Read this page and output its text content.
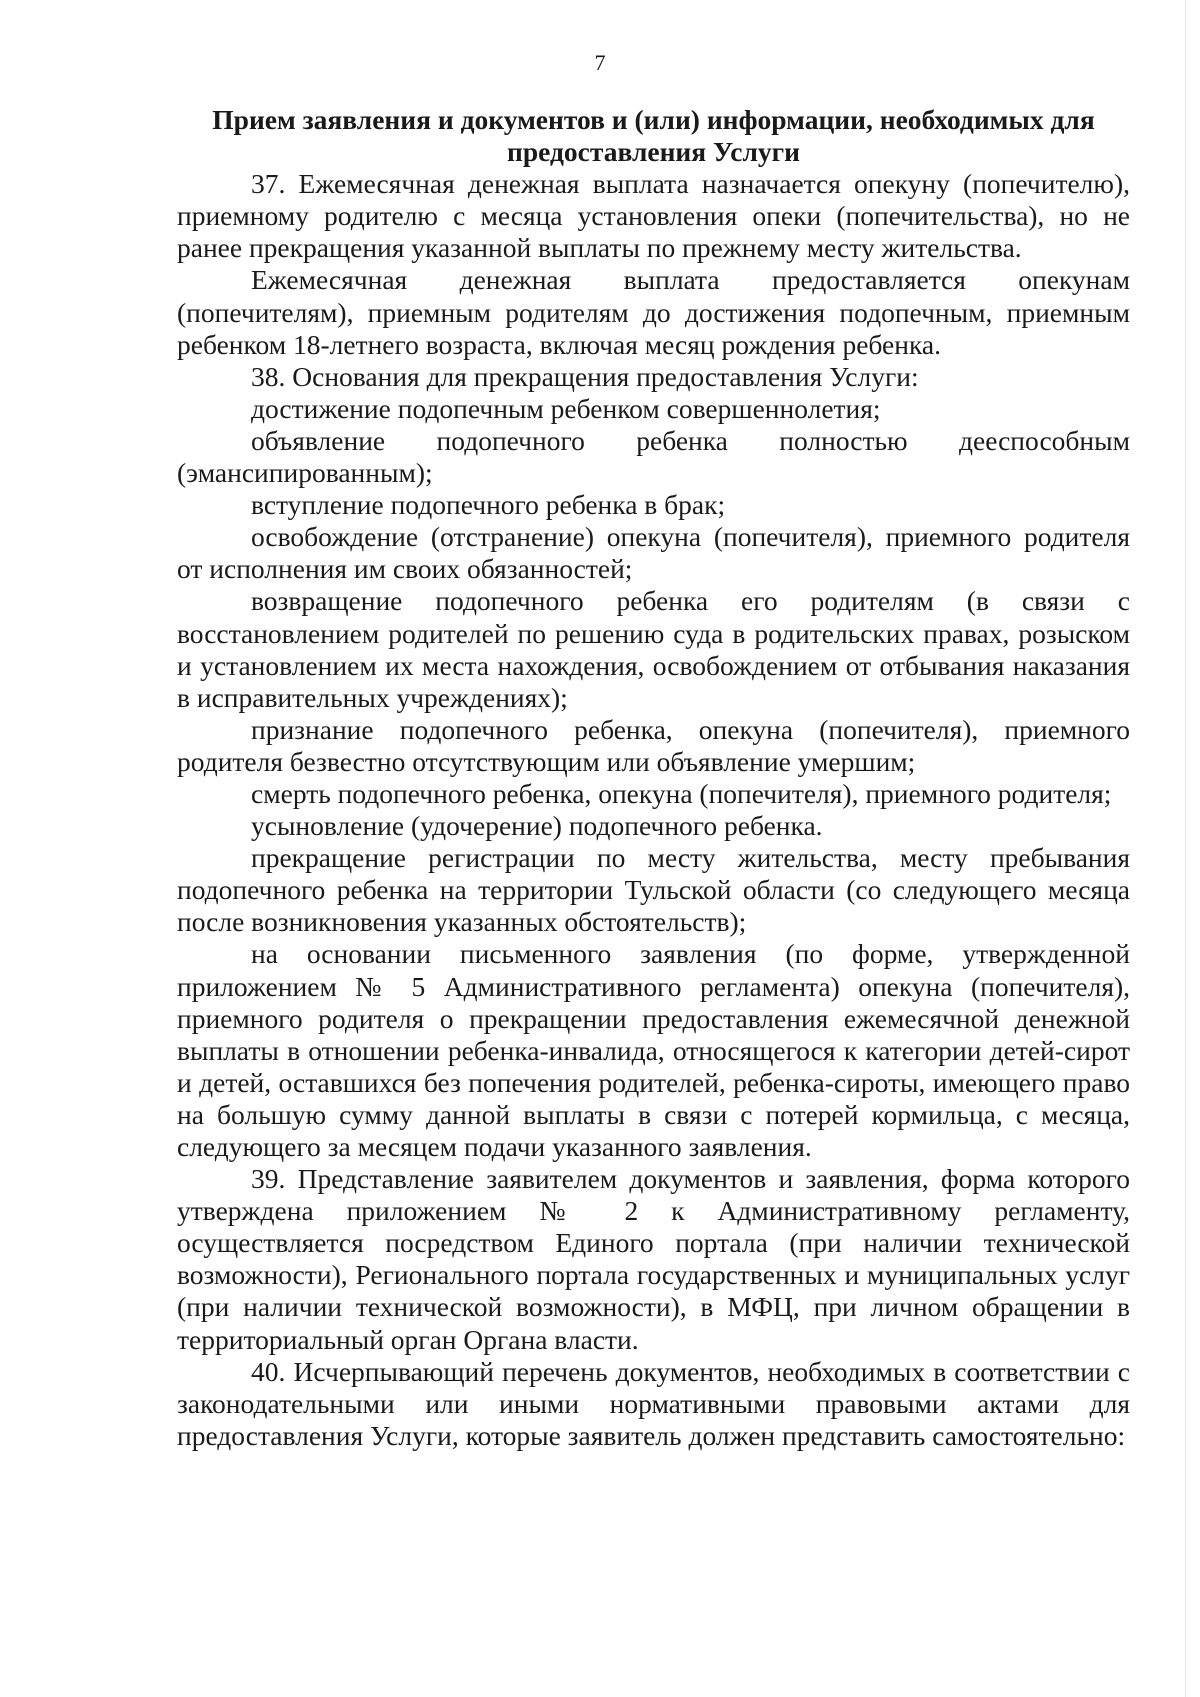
7

Прием заявления и документов и (или) информации, необходимых для предоставления Услуги

37. Ежемесячная денежная выплата назначается опекуну (попечителю), приемному родителю с месяца установления опеки (попечительства), но не ранее прекращения указанной выплаты по прежнему месту жительства.

Ежемесячная денежная выплата предоставляется опекунам (попечителям), приемным родителям до достижения подопечным, приемным ребенком 18-летнего возраста, включая месяц рождения ребенка.

38. Основания для прекращения предоставления Услуги:

достижение подопечным ребенком совершеннолетия;

объявление подопечного ребенка полностью дееспособным (эмансипированным);

вступление подопечного ребенка в брак;

освобождение (отстранение) опекуна (попечителя), приемного родителя от исполнения им своих обязанностей;

возвращение подопечного ребенка его родителям (в связи с восстановлением родителей по решению суда в родительских правах, розыском и установлением их места нахождения, освобождением от отбывания наказания в исправительных учреждениях);

признание подопечного ребенка, опекуна (попечителя), приемного родителя безвестно отсутствующим или объявление умершим;

смерть подопечного ребенка, опекуна (попечителя), приемного родителя;

усыновление (удочерение) подопечного ребенка.

прекращение регистрации по месту жительства, месту пребывания подопечного ребенка на территории Тульской области (со следующего месяца после возникновения указанных обстоятельств);

на основании письменного заявления (по форме, утвержденной приложением № 5 Административного регламента) опекуна (попечителя), приемного родителя о прекращении предоставления ежемесячной денежной выплаты в отношении ребенка-инвалида, относящегося к категории детей-сирот и детей, оставшихся без попечения родителей, ребенка-сироты, имеющего право на большую сумму данной выплаты в связи с потерей кормильца, с месяца, следующего за месяцем подачи указанного заявления.

39. Представление заявителем документов и заявления, форма которого утверждена приложением № 2 к Административному регламенту, осуществляется посредством Единого портала (при наличии технической возможности), Регионального портала государственных и муниципальных услуг (при наличии технической возможности), в МФЦ, при личном обращении в территориальный орган Органа власти.

40. Исчерпывающий перечень документов, необходимых в соответствии с законодательными или иными нормативными правовыми актами для предоставления Услуги, которые заявитель должен представить самостоятельно:
